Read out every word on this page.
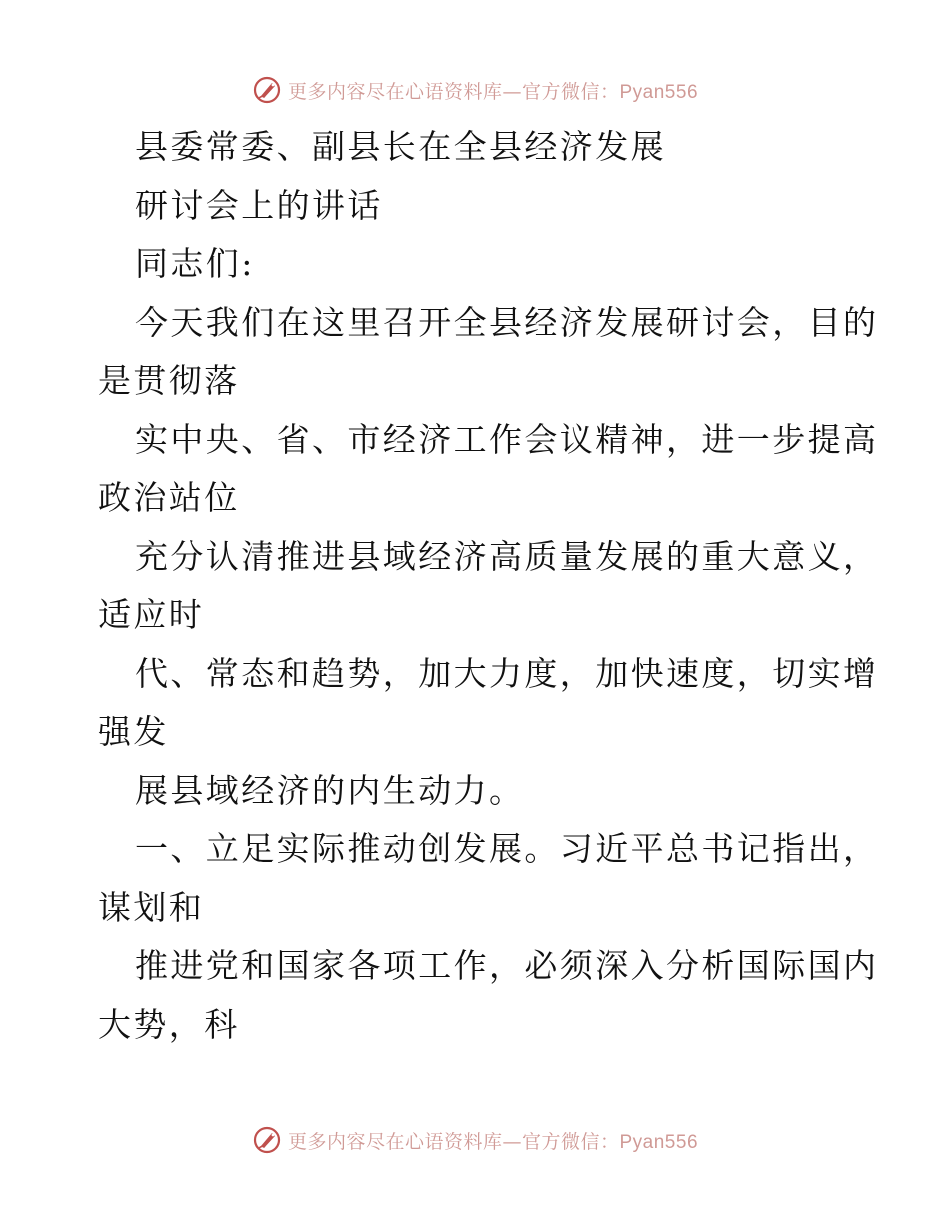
更多内容尽在心语资料库—官方微信：Pyan556
县委常委、副县长在全县经济发展
研讨会上的讲话
同志们:
今天我们在这里召开全县经济发展研讨会，目的
是贯彻落
实中央、省、市经济工作会议精神，进一步提高
政治站位
充分认清推进县域经济高质量发展的重大意义，
适应时
代、常态和趋势，加大力度，加快速度，切实增
强发
展县域经济的内生动力。
一、立足实际推动创发展。习近平总书记指出，
谋划和
推进党和国家各项工作，必须深入分析国际国内
大势，科
更多内容尽在心语资料库—官方微信：Pyan556
